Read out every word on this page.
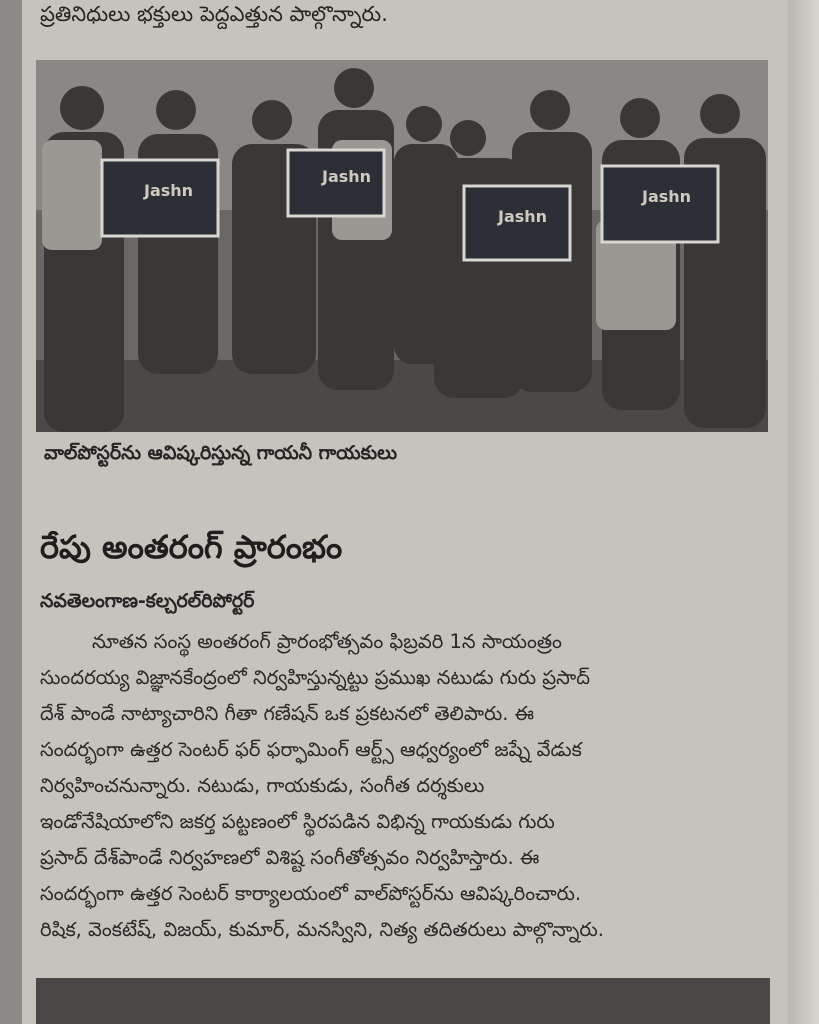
ప్రతినిధులు భక్తులు పెద్దఎత్తున పాల్గొన్నారు.
Jashn
Jashn
Jashn
Jashn
వాల్‌పోస్టర్‌ను ఆవిష్కరిస్తున్న గాయనీ గాయకులు
రేపు అంతరంగ్ ప్రారంభం
నవతెలంగాణ-కల్చరల్‌రిపోర్టర్
నూతన సంస్థ అంతరంగ్ ప్రారంభోత్సవం ఫిబ్రవరి 1న సాయంత్రం
సుందరయ్య విజ్ఞానకేంద్రంలో నిర్వహిస్తున్నట్టు ప్రముఖ నటుడు గురు ప్రసాద్
దేశ్ పాండే నాట్యాచారిని గీతా గణేషన్ ఒక ప్రకటనలో తెలిపారు. ఈ
సందర్భంగా ఉత్తర సెంటర్ ఫర్ ఫర్ఫామింగ్ ఆర్ట్స్ ఆధ్వర్యంలో జష్నే వేడుక
నిర్వహించనున్నారు. నటుడు, గాయకుడు, సంగీత దర్శకులు
ఇండోనేషియాలోని జకర్త పట్టణంలో స్థిరపడిన విభిన్న గాయకుడు గురు
ప్రసాద్ దేశ్‌పాండే నిర్వహణలో విశిష్ట సంగీతోత్సవం నిర్వహిస్తారు. ఈ
సందర్భంగా ఉత్తర సెంటర్ కార్యాలయంలో వాల్‌పోస్టర్‌ను ఆవిష్కరించారు.
రిషిక, వెంకటేష్, విజయ్, కుమార్, మనస్విని, నిత్య తదితరులు పాల్గొన్నారు.
